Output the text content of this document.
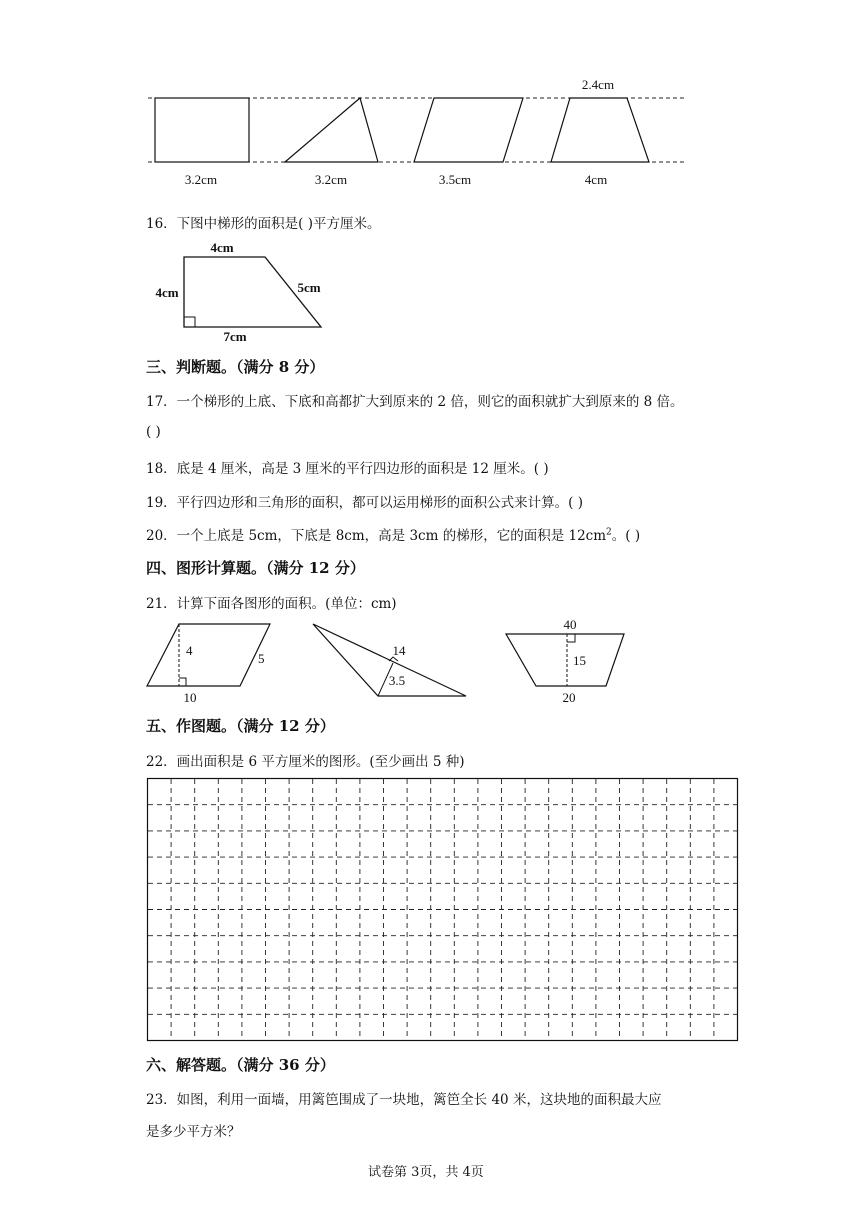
3.2cm	3.2cm	3.5cm	4cm
2.4cm
16．下图中梯形的面积是( )平方厘米。
4cm
4cm	5cm
7cm
三、判断题。（满分 8 分）
17．一个梯形的上底、下底和高都扩大到原来的 2 倍，则它的面积就扩大到原来的 8 倍。
( )
18．底是 4 厘米，高是 3 厘米的平行四边形的面积是 12 厘米。( )
19．平行四边形和三角形的面积，都可以运用梯形的面积公式来计算。( )
20．一个上底是 5cm，下底是 8cm，高是 3cm 的梯形，它的面积是 $12cm^2$。( )
四、图形计算题。（满分 12 分）
21．计算下面各图形的面积。(单位：cm)
4
5
10
14
3.5
40
15
20
五、作图题。（满分 12 分）
22．画出面积是 6 平方厘米的图形。(至少画出 5 种)
六、解答题。（满分 36 分）
23．如图，利用一面墙，用篱笆围成了一块地，篱笆全长 40 米，这块地的面积最大应
是多少平方米？
试卷第 3页，共 4页
